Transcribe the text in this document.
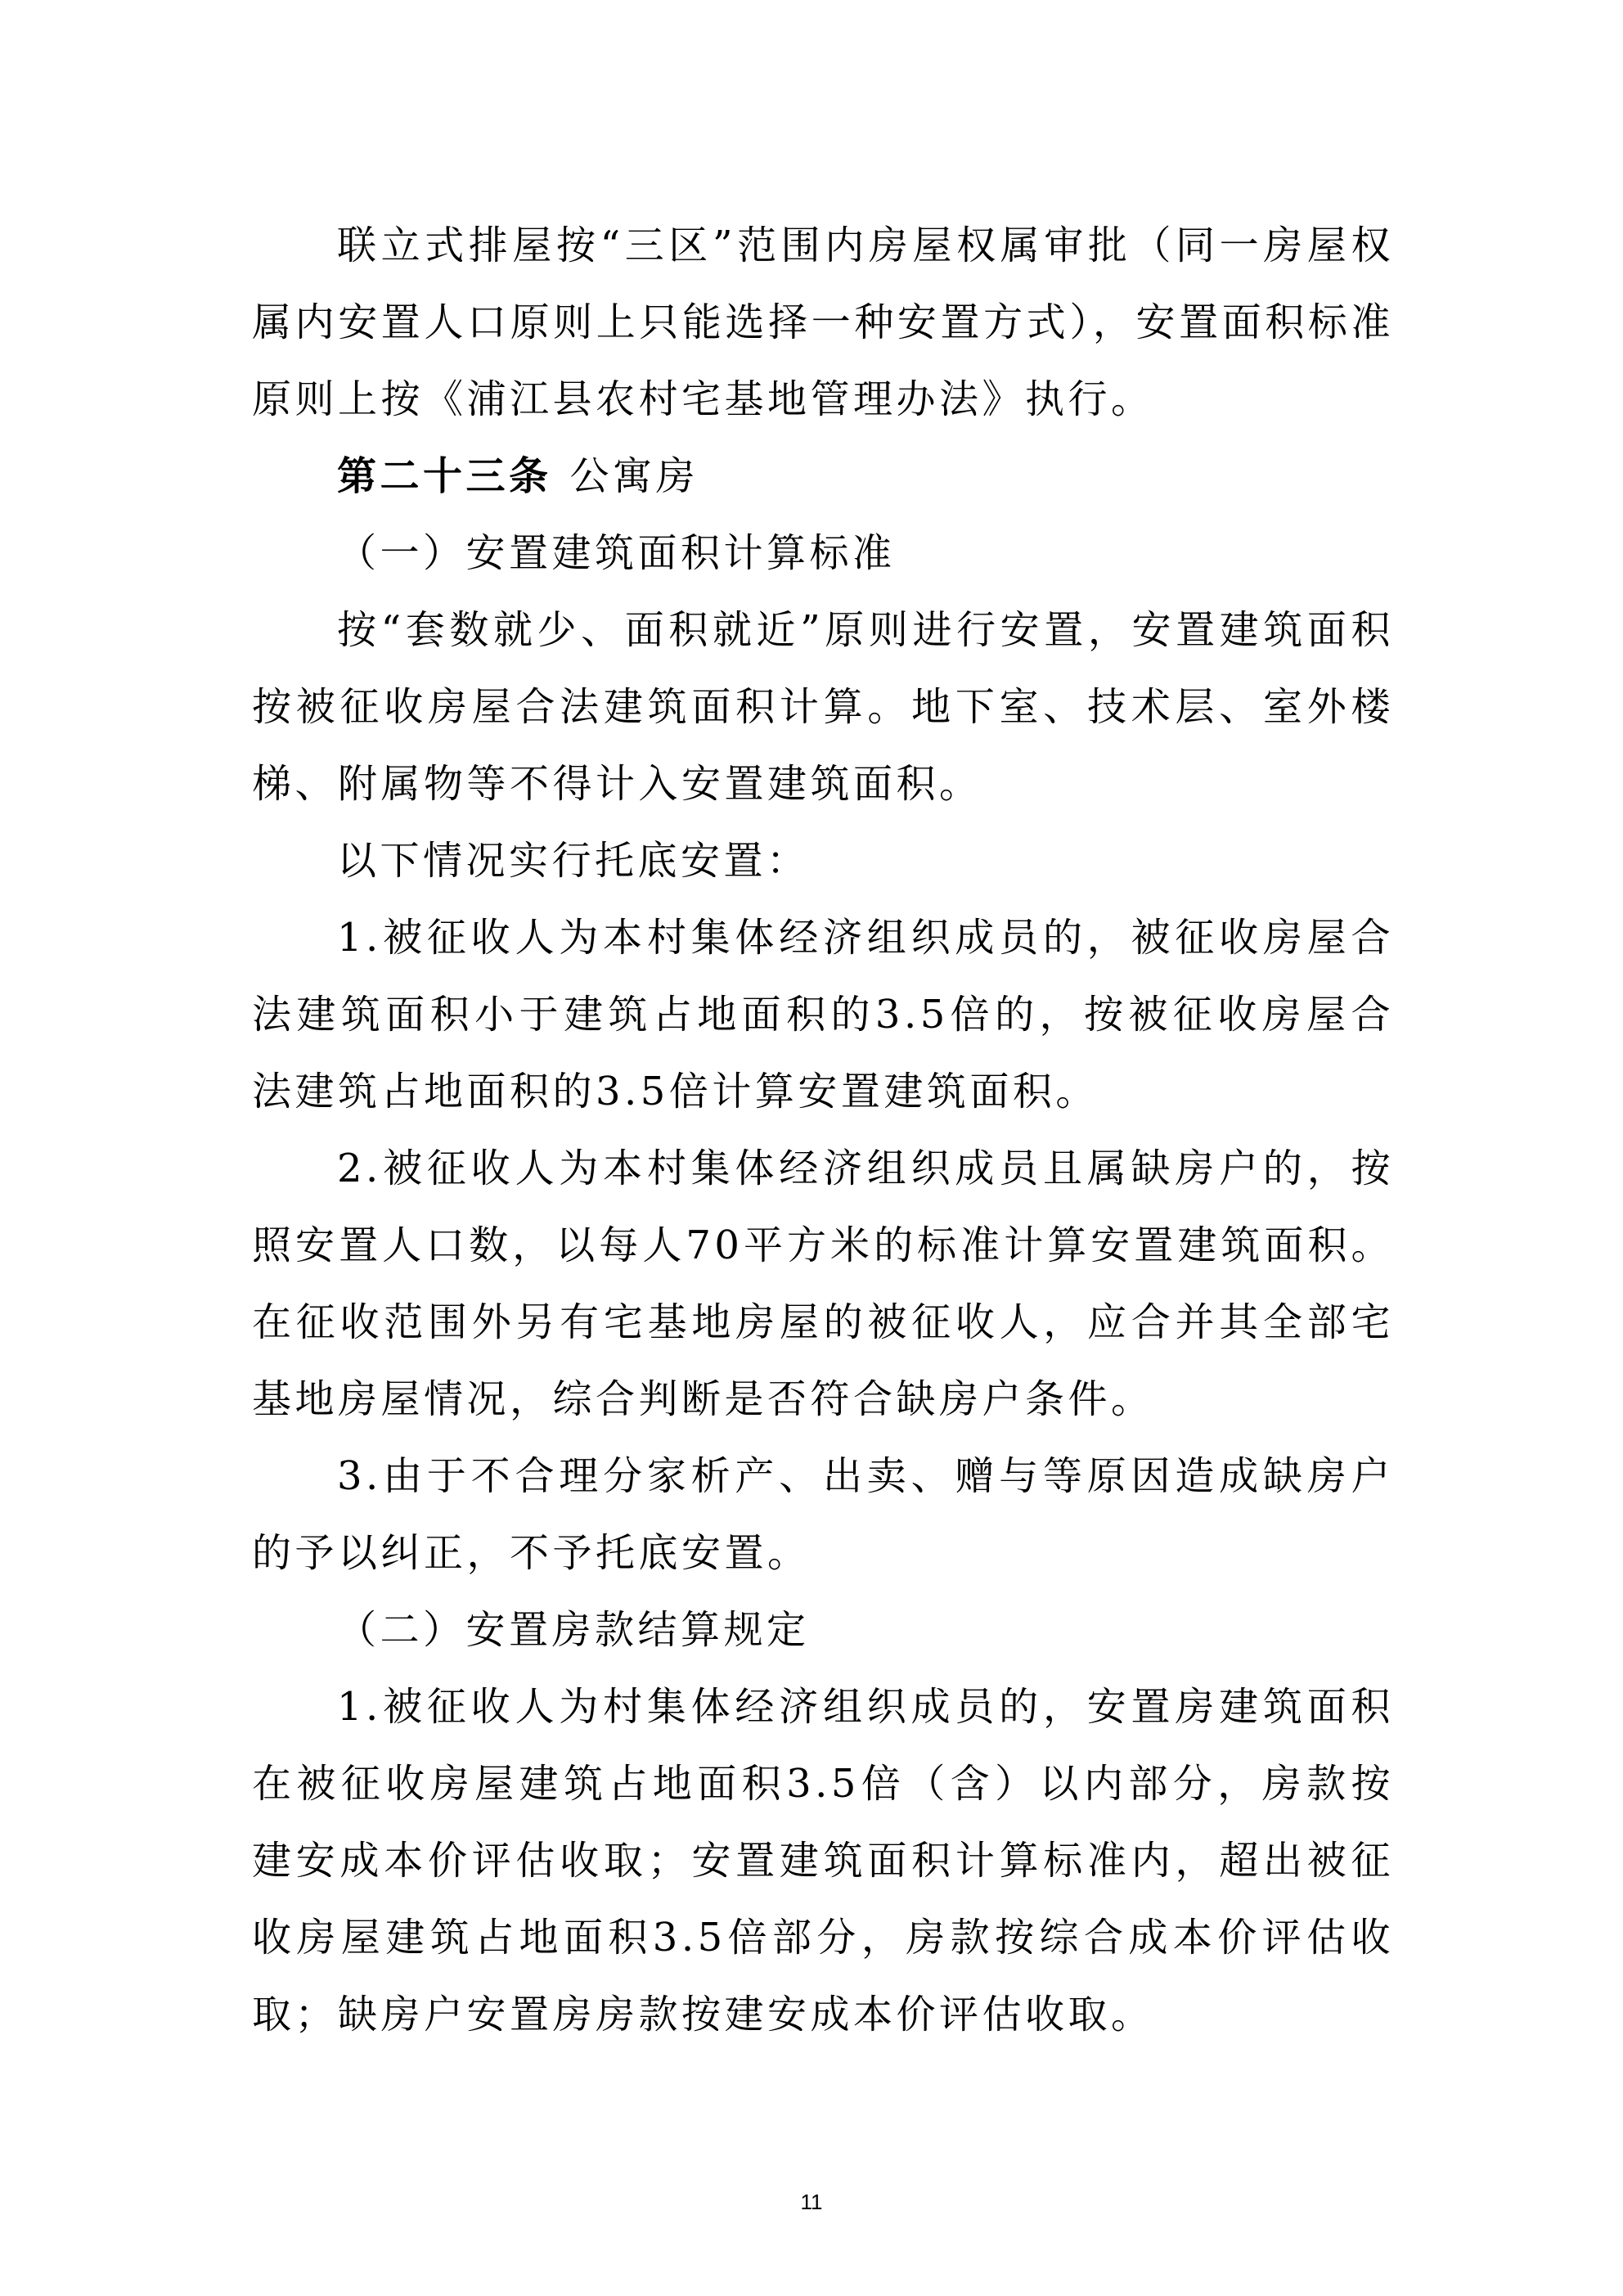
联立式排屋按“三区”范围内房屋权属审批（同一房屋权属内安置人口原则上只能选择一种安置方式），安置面积标准原则上按《浦江县农村宅基地管理办法》执行。

第二十三条 公寓房

（一）安置建筑面积计算标准

按“套数就少、面积就近”原则进行安置，安置建筑面积按被征收房屋合法建筑面积计算。地下室、技术层、室外楼梯、附属物等不得计入安置建筑面积。

以下情况实行托底安置：

1.被征收人为本村集体经济组织成员的，被征收房屋合法建筑面积小于建筑占地面积的3.5倍的，按被征收房屋合法建筑占地面积的3.5倍计算安置建筑面积。

2.被征收人为本村集体经济组织成员且属缺房户的，按照安置人口数，以每人70平方米的标准计算安置建筑面积。在征收范围外另有宅基地房屋的被征收人，应合并其全部宅基地房屋情况，综合判断是否符合缺房户条件。

3.由于不合理分家析产、出卖、赠与等原因造成缺房户的予以纠正，不予托底安置。

（二）安置房款结算规定

1.被征收人为村集体经济组织成员的，安置房建筑面积在被征收房屋建筑占地面积3.5倍（含）以内部分，房款按建安成本价评估收取；安置建筑面积计算标准内，超出被征收房屋建筑占地面积3.5倍部分，房款按综合成本价评估收取；缺房户安置房房款按建安成本价评估收取。

11
